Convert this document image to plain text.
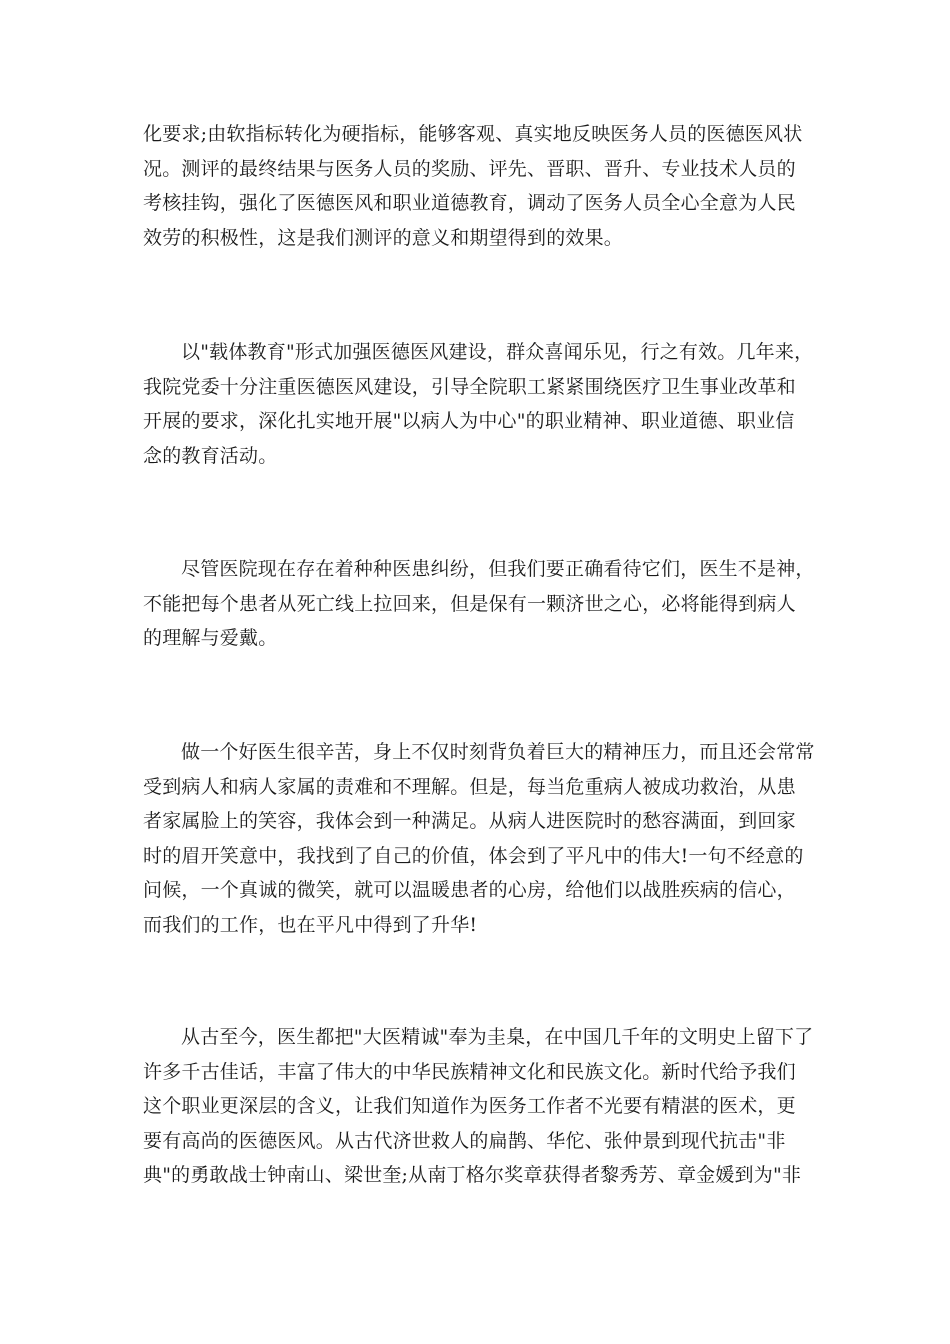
化要求;由软指标转化为硬指标，能够客观、真实地反映医务人员的医德医风状
况。测评的最终结果与医务人员的奖励、评先、晋职、晋升、专业技术人员的
考核挂钩，强化了医德医风和职业道德教育，调动了医务人员全心全意为人民
效劳的积极性，这是我们测评的意义和期望得到的效果。

以"载体教育"形式加强医德医风建设，群众喜闻乐见，行之有效。几年来，
我院党委十分注重医德医风建设，引导全院职工紧紧围绕医疗卫生事业改革和
开展的要求，深化扎实地开展"以病人为中心"的职业精神、职业道德、职业信
念的教育活动。

尽管医院现在存在着种种医患纠纷，但我们要正确看待它们，医生不是神，
不能把每个患者从死亡线上拉回来，但是保有一颗济世之心，必将能得到病人
的理解与爱戴。

做一个好医生很辛苦，身上不仅时刻背负着巨大的精神压力，而且还会常常
受到病人和病人家属的责难和不理解。但是，每当危重病人被成功救治，从患
者家属脸上的笑容，我体会到一种满足。从病人进医院时的愁容满面，到回家
时的眉开笑意中，我找到了自己的价值，体会到了平凡中的伟大!一句不经意的
问候，一个真诚的微笑，就可以温暖患者的心房，给他们以战胜疾病的信心，
而我们的工作，也在平凡中得到了升华!

从古至今，医生都把"大医精诚"奉为圭臬，在中国几千年的文明史上留下了
许多千古佳话，丰富了伟大的中华民族精神文化和民族文化。新时代给予我们
这个职业更深层的含义，让我们知道作为医务工作者不光要有精湛的医术，更
要有高尚的医德医风。从古代济世救人的扁鹊、华佗、张仲景到现代抗击"非
典"的勇敢战士钟南山、梁世奎;从南丁格尔奖章获得者黎秀芳、章金媛到为"非
